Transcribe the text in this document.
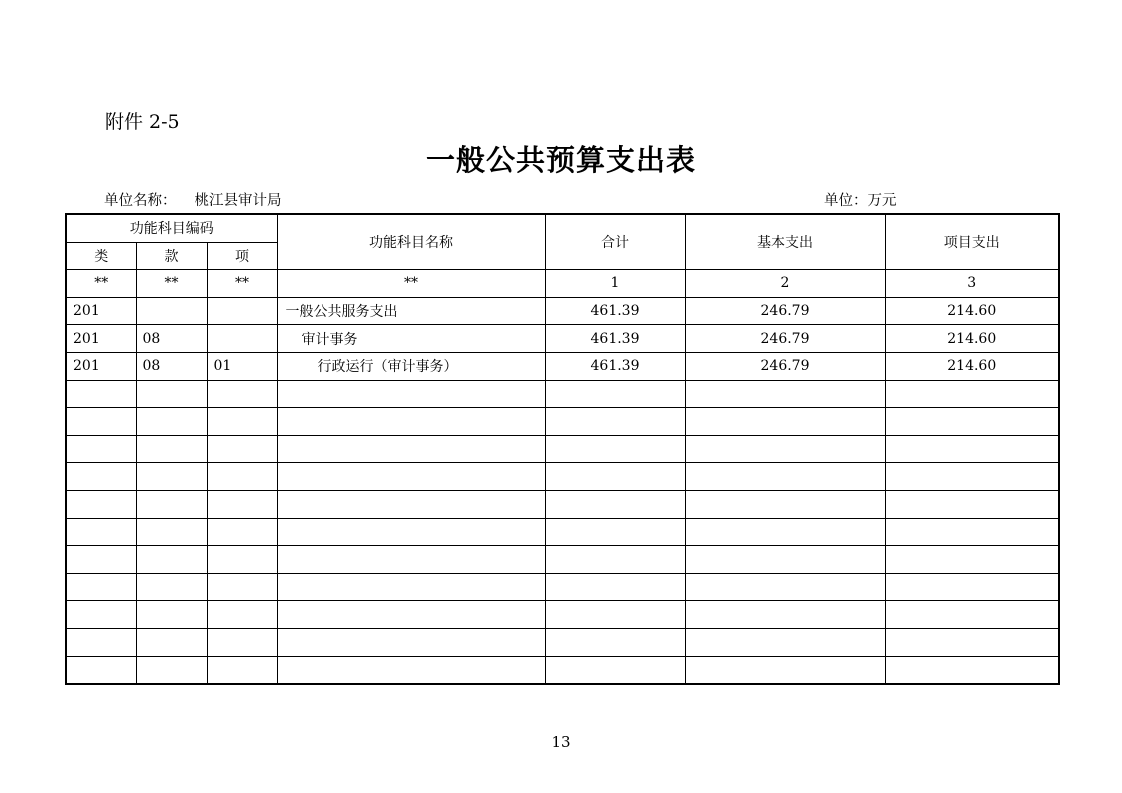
附件 2-5
一般公共预算支出表
单位名称： 桃江县审计局	单位：万元
功能科目编码			功能科目名称	合计	基本支出	项目支出
类	款	项				
**	**	**	**	1	2	3
201			一般公共服务支出	461.39	246.79	214.60
201	08		审计事务	461.39	246.79	214.60
201	08	01	行政运行（审计事务）	461.39	246.79	214.60

13
